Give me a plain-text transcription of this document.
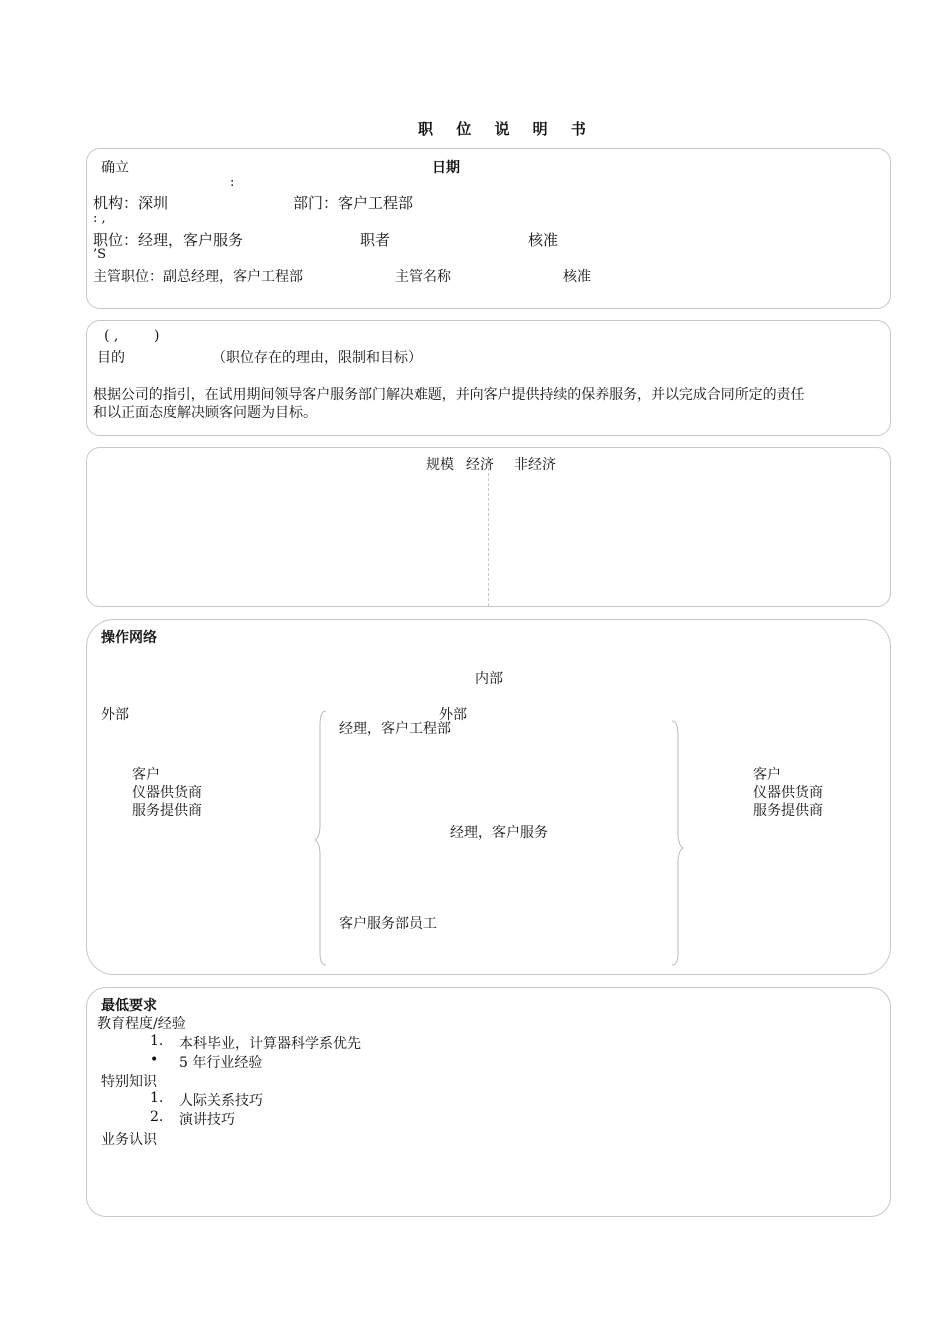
职 位 说 明 书
确立	日期
:
机构：深圳	部门：客户工程部
: ,
职位：经理，客户服务	职者	核准
’S
主管职位：副总经理，客户工程部	主管名称	核准
( ,        )
目的	（职位存在的理由，限制和目标）
根据公司的指引，在试用期间领导客户服务部门解决难题，并向客户提供持续的保养服务，并以完成合同所定的责任
和以正面态度解决顾客问题为目标。
规模 经济 非经济
操作网络
内部
外部	外部
客户
仪器供货商
服务提供商
客户
仪器供货商
服务提供商
经理，客户工程部
经理，客户服务
客户服务部员工
最低要求
教育程度/经验
1. 本科毕业，计算器科学系优先
• 5 年行业经验
特别知识
1. 人际关系技巧
2. 演讲技巧
业务认识
